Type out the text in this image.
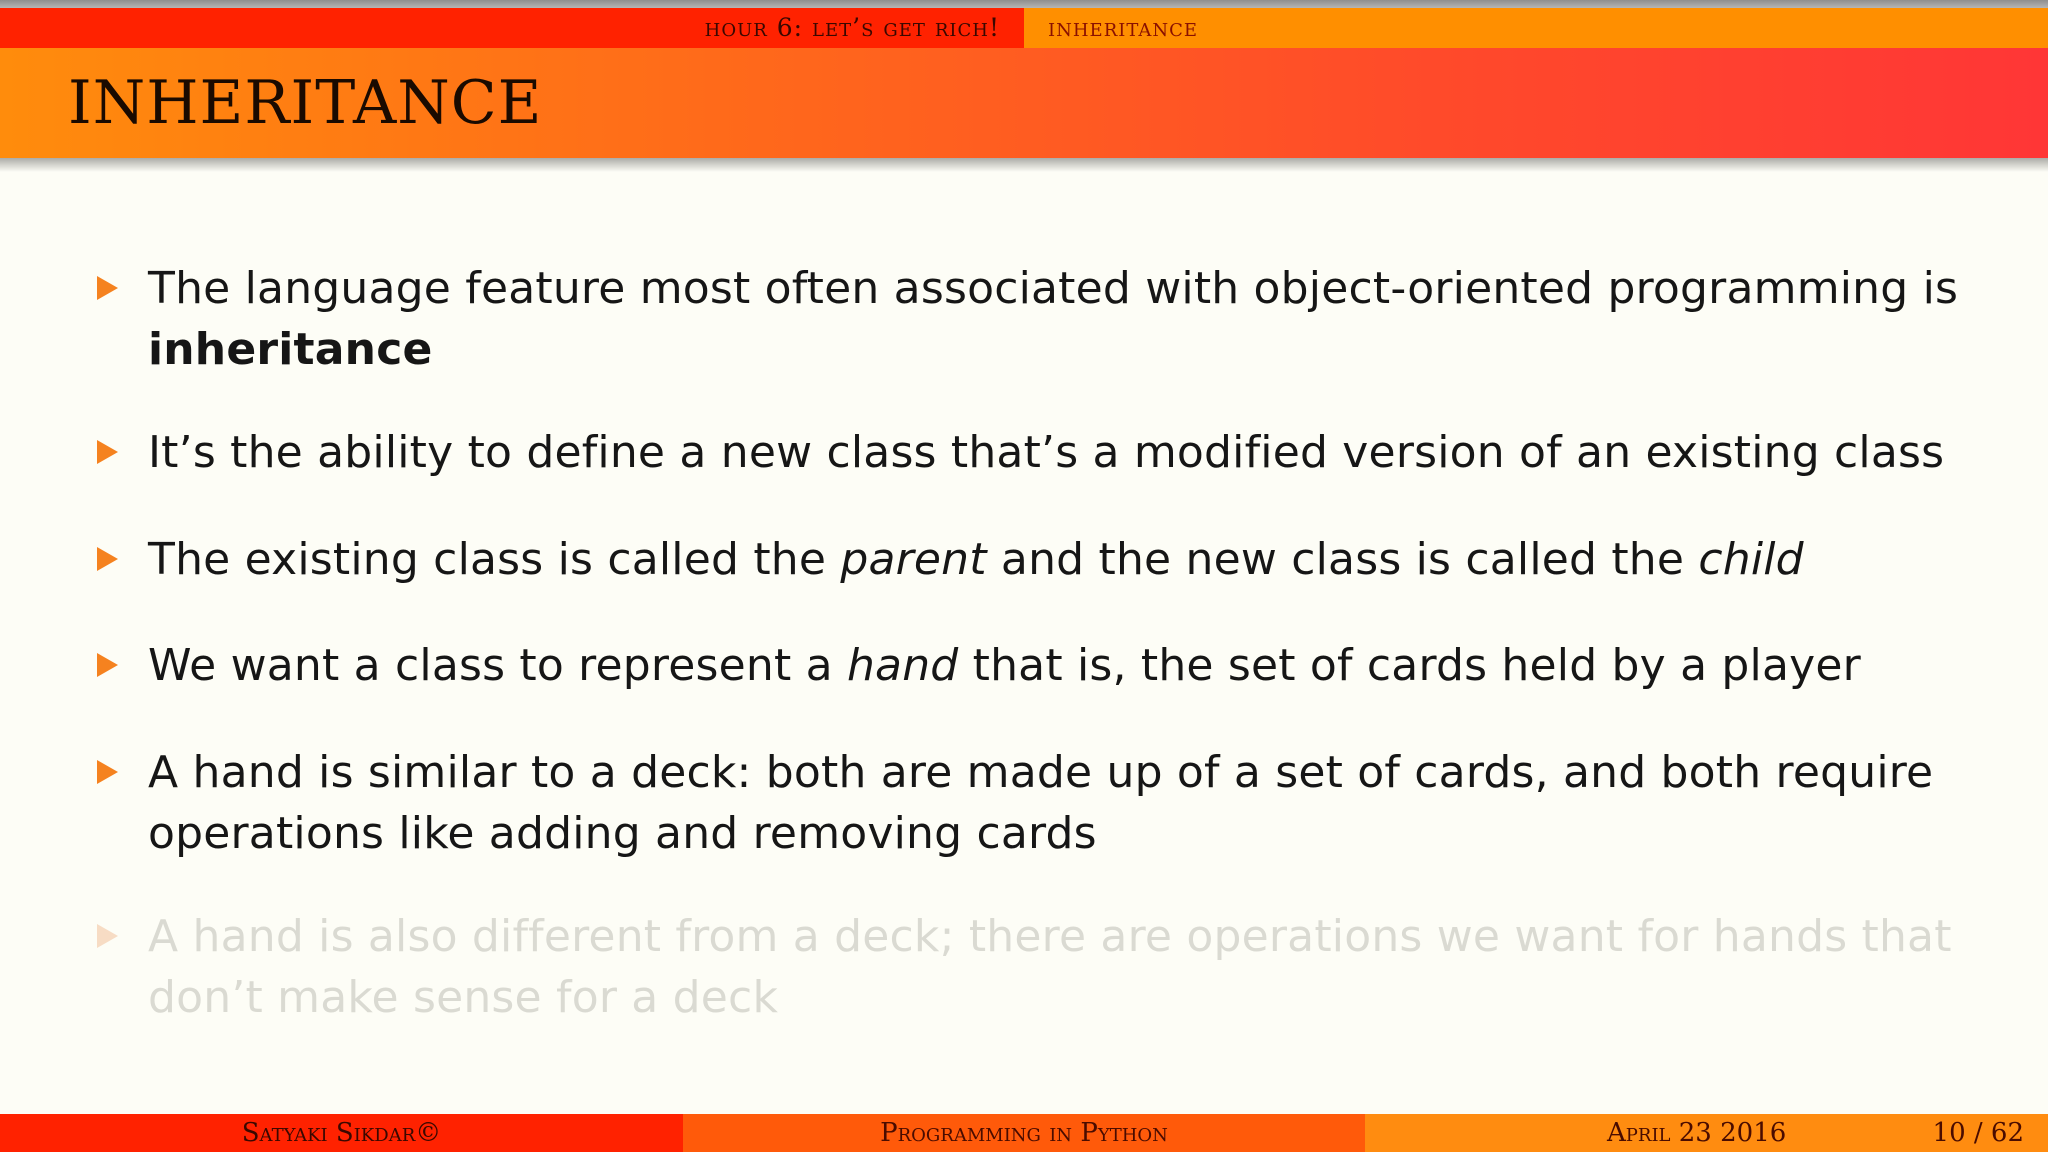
hour 6: let’s get rich!	inheritance
INHERITANCE
The language feature most often associated with object-oriented programming is inheritance
It’s the ability to define a new class that’s a modified version of an existing class
The existing class is called the parent and the new class is called the child
We want a class to represent a hand that is, the set of cards held by a player
A hand is similar to a deck: both are made up of a set of cards, and both require operations like adding and removing cards
A hand is also different from a deck; there are operations we want for hands that don’t make sense for a deck
Satyaki Sikdar©	Programming in Python	April 23 2016	10 / 62
